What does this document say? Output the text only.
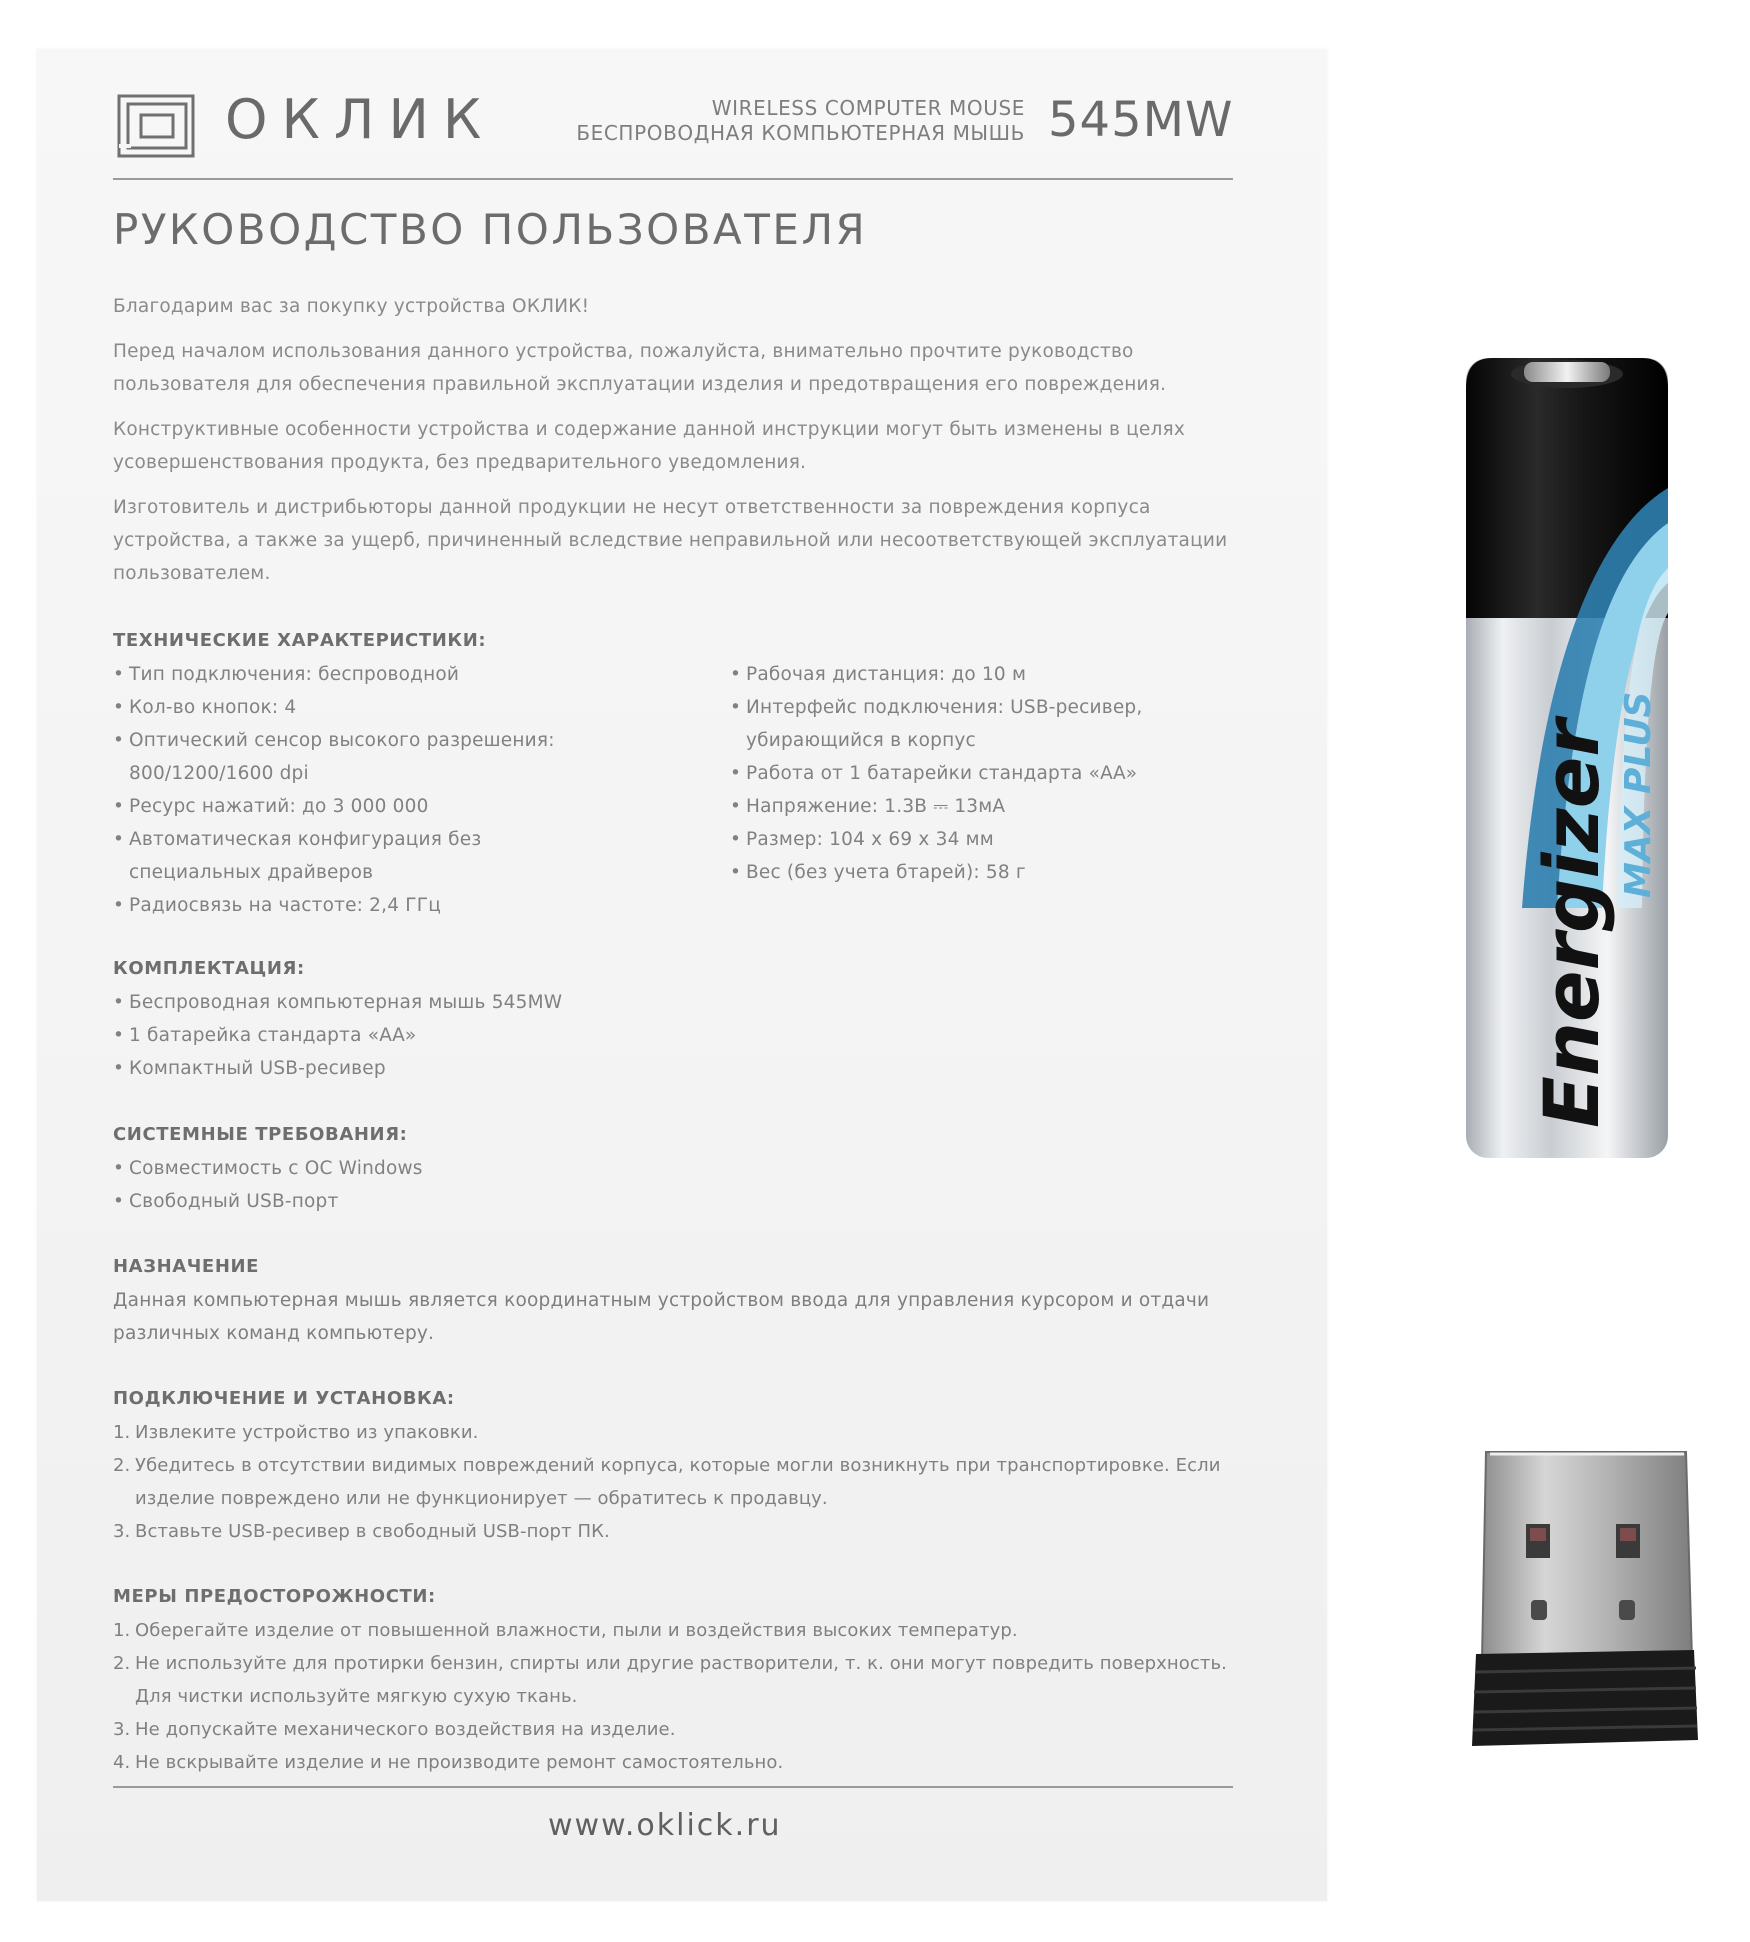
ОКЛИК	WIRELESS COMPUTER MOUSE
БЕСПРОВОДНАЯ КОМПЬЮТЕРНАЯ МЫШЬ 545MW
РУКОВОДСТВО ПОЛЬЗОВАТЕЛЯ

Благодарим вас за покупку устройства ОКЛИК!

Перед началом использования данного устройства, пожалуйста, внимательно прочтите руководство пользователя для обеспечения правильной эксплуатации изделия и предотвращения его повреждения.

Конструктивные особенности устройства и содержание данной инструкции могут быть изменены в целях усовершенствования продукта, без предварительного уведомления.

Изготовитель и дистрибьюторы данной продукции не несут ответственности за повреждения корпуса устройства, а также за ущерб, причиненный вследствие неправильной или несоответствующей эксплуатации пользователем.

ТЕХНИЧЕСКИЕ ХАРАКТЕРИСТИКИ:
• Тип подключения: беспроводной
• Кол-во кнопок: 4
• Оптический сенсор высокого разрешения: 800/1200/1600 dpi
• Ресурс нажатий: до 3 000 000
• Автоматическая конфигурация без специальных драйверов
• Радиосвязь на частоте: 2,4 ГГц
• Рабочая дистанция: до 10 м
• Интерфейс подключения: USB-ресивер, убирающийся в корпус
• Работа от 1 батарейки стандарта «АА»
• Напряжение: 1.3В ⎓ 13мА
• Размер: 104 x 69 x 34 мм
• Вес (без учета бтарей): 58 г
КОМПЛЕКТАЦИЯ:
• Беспроводная компьютерная мышь 545MW
• 1 батарейка стандарта «АА»
• Компактный USB-ресивер
СИСТЕМНЫЕ ТРЕБОВАНИЯ:
• Совместимость с ОС Windows
• Свободный USB-порт
НАЗНАЧЕНИЕ
Данная компьютерная мышь является координатным устройством ввода для управления курсором и отдачи различных команд компьютеру.
ПОДКЛЮЧЕНИЕ И УСТАНОВКА:
1. Извлеките устройство из упаковки.
2. Убедитесь в отсутствии видимых повреждений корпуса, которые могли возникнуть при транспортировке. Если изделие повреждено или не функционирует — обратитесь к продавцу.
3. Вставьте USB-ресивер в свободный USB-порт ПК.
МЕРЫ ПРЕДОСТОРОЖНОСТИ:
1. Оберегайте изделие от повышенной влажности, пыли и воздействия высоких температур.
2. Не используйте для протирки бензин, спирты или другие растворители, т. к. они могут повредить поверхность. Для чистки используйте мягкую сухую ткань.
3. Не допускайте механического воздействия на изделие.
4. Не вскрывайте изделие и не производите ремонт самостоятельно.
www.oklick.ru
Energizer MAX PLUS
